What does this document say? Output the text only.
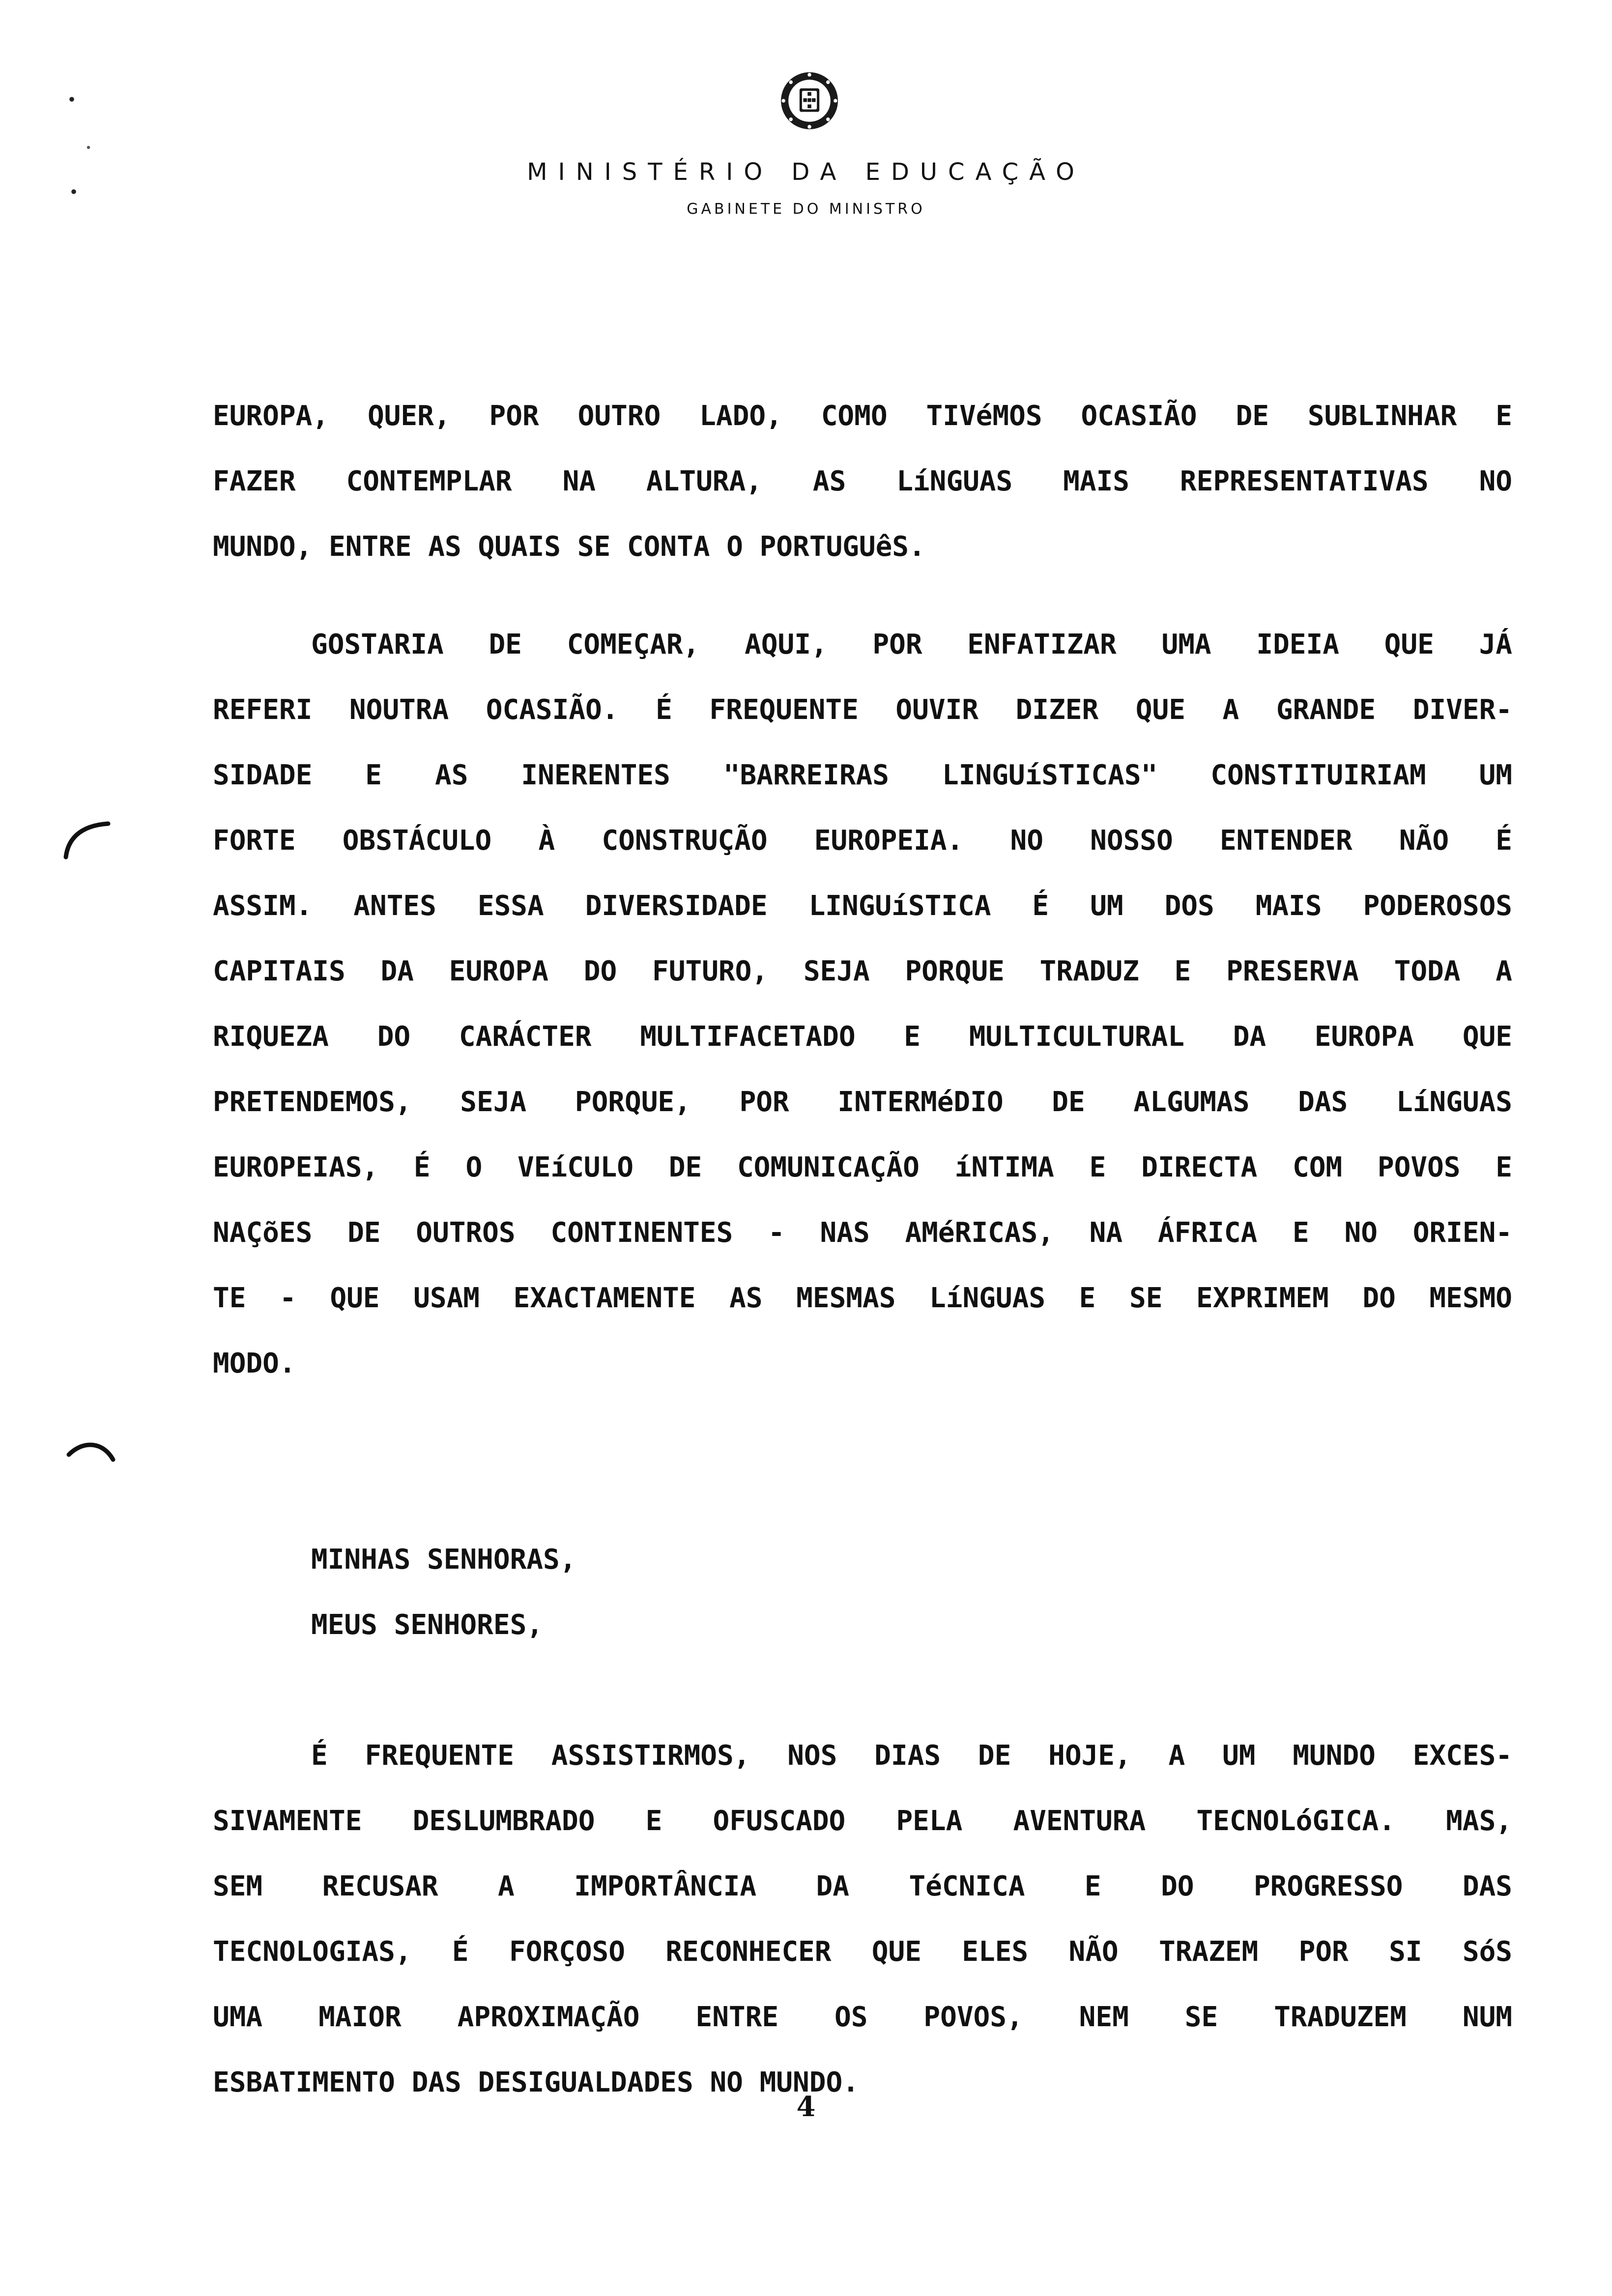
MINISTÉRIO DA EDUCAÇÃO
GABINETE DO MINISTRO
EUROPA, QUER, POR OUTRO LADO, COMO TIVéMOS OCASIÃO DE SUBLINHAR E
FAZER CONTEMPLAR NA ALTURA, AS LíNGUAS MAIS REPRESENTATIVAS NO
MUNDO, ENTRE AS QUAIS SE CONTA O PORTUGUêS.
GOSTARIA DE COMEÇAR, AQUI, POR ENFATIZAR UMA IDEIA QUE JÁ
REFERI NOUTRA OCASIÃO. É FREQUENTE OUVIR DIZER QUE A GRANDE DIVER-
SIDADE E AS INERENTES "BARREIRAS LINGUíSTICAS" CONSTITUIRIAM UM
FORTE OBSTÁCULO À CONSTRUÇÃO EUROPEIA. NO NOSSO ENTENDER NÃO É
ASSIM. ANTES ESSA DIVERSIDADE LINGUíSTICA É UM DOS MAIS PODEROSOS
CAPITAIS DA EUROPA DO FUTURO, SEJA PORQUE TRADUZ E PRESERVA TODA A
RIQUEZA DO CARÁCTER MULTIFACETADO E MULTICULTURAL DA EUROPA QUE
PRETENDEMOS, SEJA PORQUE, POR INTERMéDIO DE ALGUMAS DAS LíNGUAS
EUROPEIAS, É O VEíCULO DE COMUNICAÇÃO íNTIMA E DIRECTA COM POVOS E
NAÇõES DE OUTROS CONTINENTES - NAS AMéRICAS, NA ÁFRICA E NO ORIEN-
TE - QUE USAM EXACTAMENTE AS MESMAS LíNGUAS E SE EXPRIMEM DO MESMO
MODO.
MINHAS SENHORAS,
MEUS SENHORES,
É FREQUENTE ASSISTIRMOS, NOS DIAS DE HOJE, A UM MUNDO EXCES-
SIVAMENTE DESLUMBRADO E OFUSCADO PELA AVENTURA TECNOLóGICA. MAS,
SEM RECUSAR A IMPORTÂNCIA DA TéCNICA E DO PROGRESSO DAS
TECNOLOGIAS, É FORÇOSO RECONHECER QUE ELES NÃO TRAZEM POR SI SóS
UMA MAIOR APROXIMAÇÃO ENTRE OS POVOS, NEM SE TRADUZEM NUM
ESBATIMENTO DAS DESIGUALDADES NO MUNDO.
4
